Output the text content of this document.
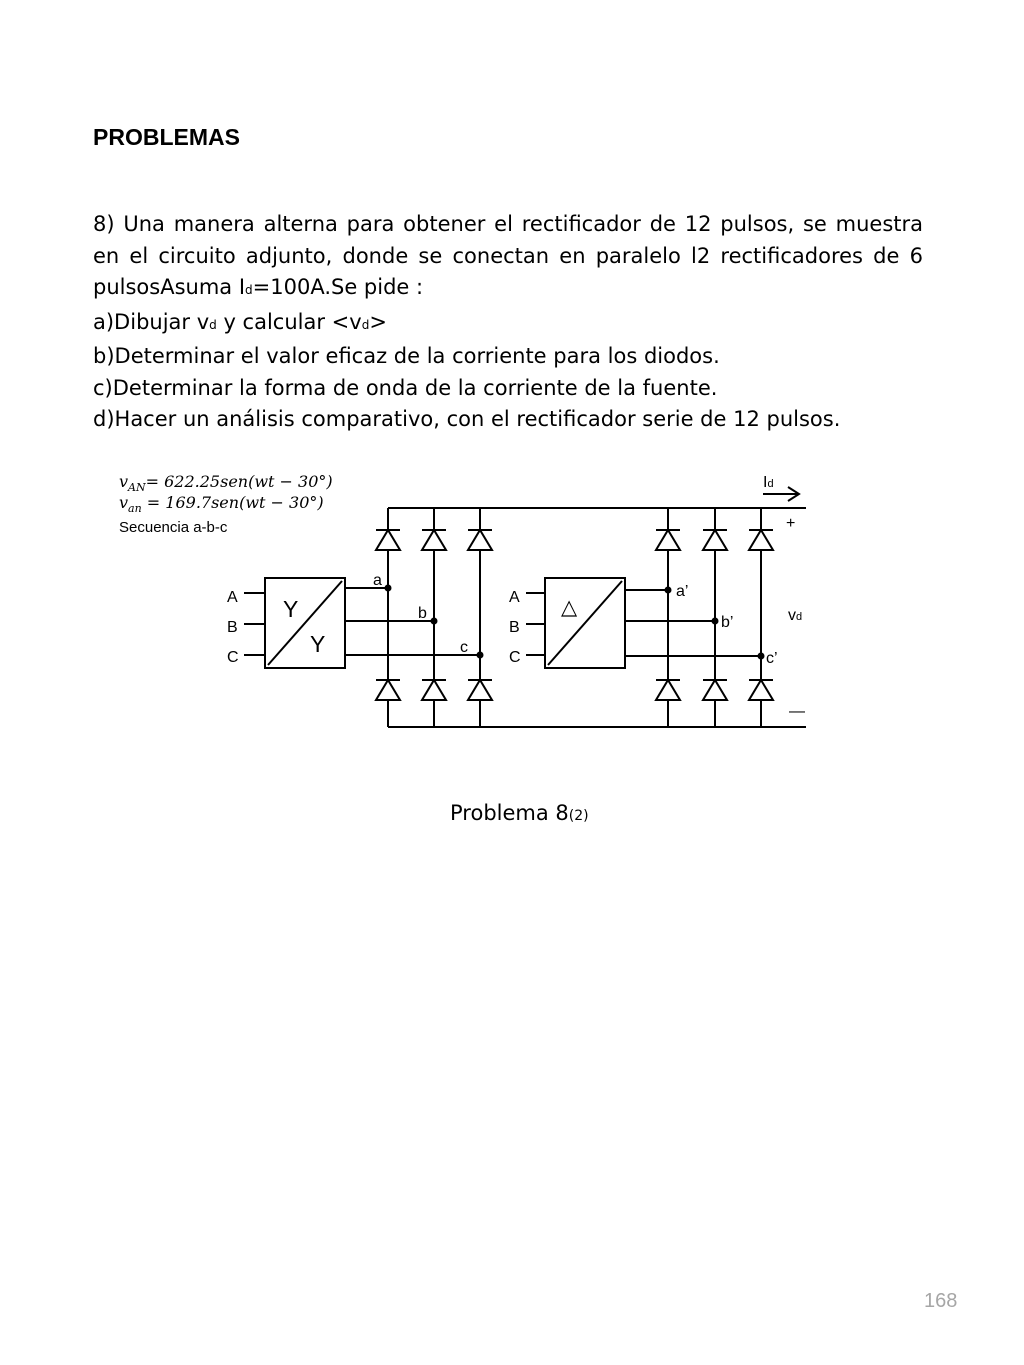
PROBLEMAS

8) Una manera alterna para obtener el rectificador de 12 pulsos, se muestra en el circuito adjunto, donde se conectan en paralelo l2 rectificadores de 6 pulsosAsuma Id=100A.Se pide :

a)Dibujar vd y calcular <vd>

b)Determinar el valor eficaz de la corriente para los diodos.

c)Determinar la forma de onda de la corriente de la fuente.

d)Hacer un análisis comparativo, con el rectificador serie de 12 pulsos.

$v_{AN}= 622.25sen(wt - 30^\circ)$
$v_{an} = 169.7sen(wt - 30^\circ)$
Secuencia a-b-c
Id
+
—
vd
A
B
C
Y
Y
a
b
c
A
B
C
△
a’
b’
c’
Problema 8(2)
168
